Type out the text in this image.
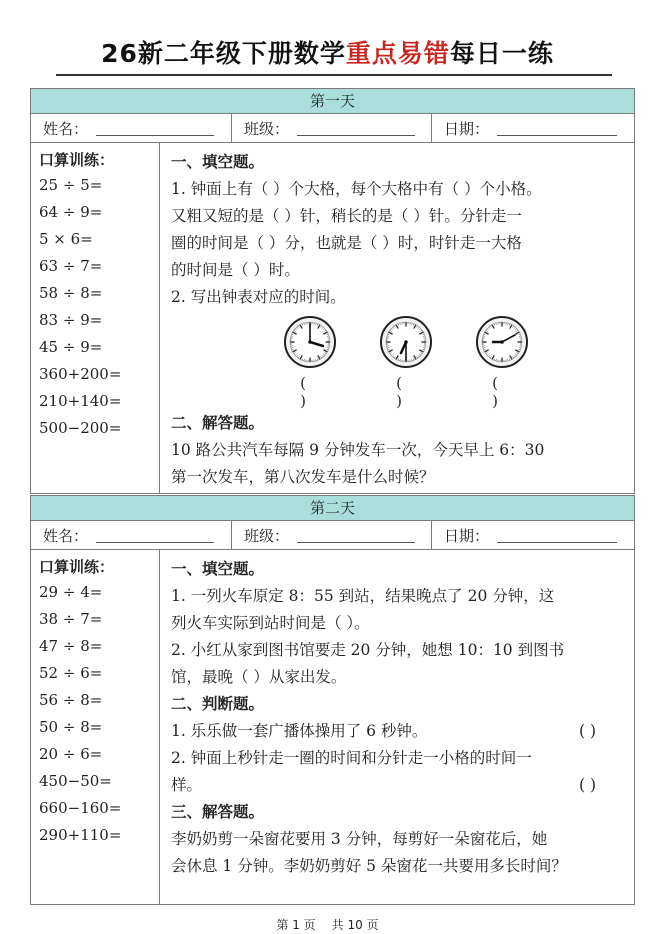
26新二年级下册数学重点易错每日一练
第一天
姓名：	班级：	日期：
口算训练：
25 ÷ 5=
64 ÷ 9=
5 × 6=
63 ÷ 7=
58 ÷ 8=
83 ÷ 9=
45 ÷ 9=
360+200=
210+140=
500−200=
一、填空题。
1. 钟面上有（ ）个大格，每个大格中有（ ）个小格。
又粗又短的是（ ）针，稍长的是（ ）针。分针走一
圈的时间是（ ）分，也就是（ ）时，时针走一大格
的时间是（ ）时。
2. 写出钟表对应的时间。
( )
( )
( )
二、解答题。
10 路公共汽车每隔 9 分钟发车一次，今天早上 6：30
第一次发车，第八次发车是什么时候？
第二天
姓名：	班级：	日期：
口算训练：
29 ÷ 4=
38 ÷ 7=
47 ÷ 8=
52 ÷ 6=
56 ÷ 8=
50 ÷ 8=
20 ÷ 6=
450−50=
660−160=
290+110=
一、填空题。
1. 一列火车原定 8：55 到站，结果晚点了 20 分钟，这
列火车实际到站时间是（ ）。
2. 小红从家到图书馆要走 20 分钟，她想 10：10 到图书
馆，最晚（ ）从家出发。
二、判断题。
1. 乐乐做一套广播体操用了 6 秒钟。	( )
2. 钟面上秒针走一圈的时间和分针走一小格的时间一
样。	( )
三、解答题。
李奶奶剪一朵窗花要用 3 分钟，每剪好一朵窗花后，她
会休息 1 分钟。李奶奶剪好 5 朵窗花一共要用多长时间？
第 1 页 共 10 页
